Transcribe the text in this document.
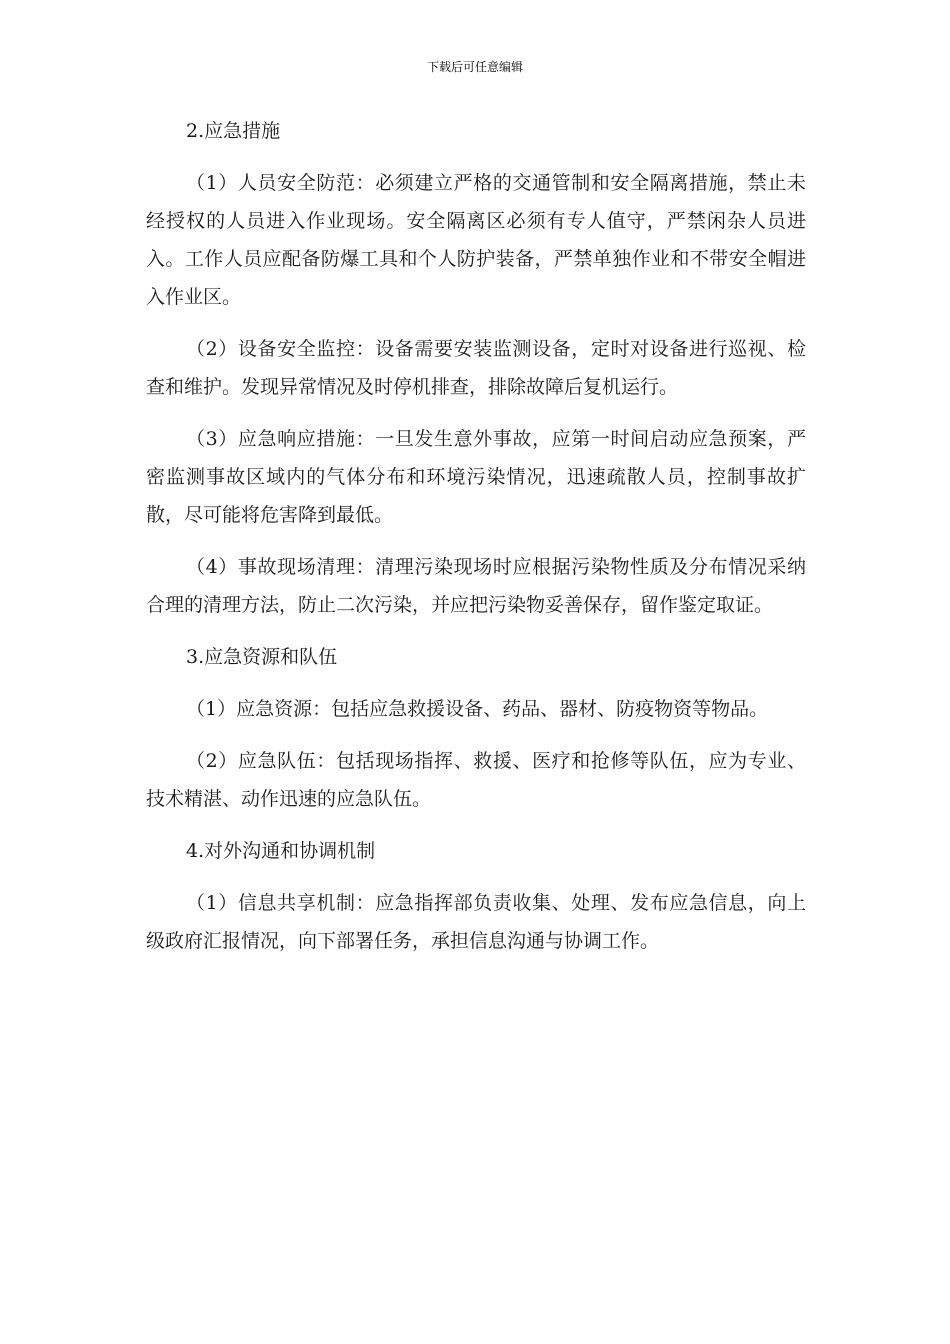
下载后可任意编辑

2.应急措施

（1）人员安全防范：必须建立严格的交通管制和安全隔离措施，禁止未经授权的人员进入作业现场。安全隔离区必须有专人值守，严禁闲杂人员进入。工作人员应配备防爆工具和个人防护装备，严禁单独作业和不带安全帽进入作业区。

（2）设备安全监控：设备需要安装监测设备，定时对设备进行巡视、检查和维护。发现异常情况及时停机排查，排除故障后复机运行。

（3）应急响应措施：一旦发生意外事故，应第一时间启动应急预案，严密监测事故区域内的气体分布和环境污染情况，迅速疏散人员，控制事故扩散，尽可能将危害降到最低。

（4）事故现场清理：清理污染现场时应根据污染物性质及分布情况采纳合理的清理方法，防止二次污染，并应把污染物妥善保存，留作鉴定取证。

3.应急资源和队伍

（1）应急资源：包括应急救援设备、药品、器材、防疫物资等物品。

（2）应急队伍：包括现场指挥、救援、医疗和抢修等队伍，应为专业、技术精湛、动作迅速的应急队伍。

4.对外沟通和协调机制

（1）信息共享机制：应急指挥部负责收集、处理、发布应急信息，向上级政府汇报情况，向下部署任务，承担信息沟通与协调工作。
